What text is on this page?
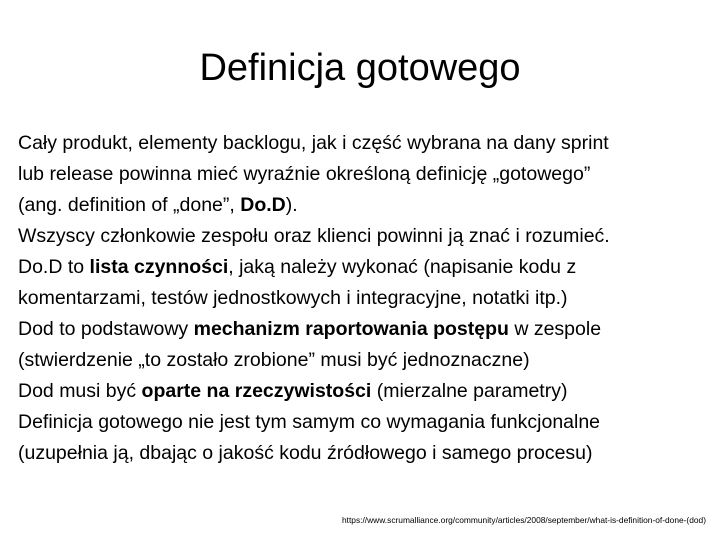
Definicja gotowego

Cały produkt, elementy backlogu, jak i część wybrana na dany sprint

lub release powinna mieć wyraźnie określoną definicję „gotowego”

(ang. definition of „done”, Do.D).

Wszyscy członkowie zespołu oraz klienci powinni ją znać i rozumieć.

Do.D to lista czynności, jaką należy wykonać (napisanie kodu z

komentarzami, testów jednostkowych i integracyjne, notatki itp.)

Dod to podstawowy mechanizm raportowania postępu w zespole

(stwierdzenie „to zostało zrobione” musi być jednoznaczne)

Dod musi być oparte na rzeczywistości (mierzalne parametry)

Definicja gotowego nie jest tym samym co wymagania funkcjonalne

(uzupełnia ją, dbając o jakość kodu źródłowego i samego procesu)

https://www.scrumalliance.org/community/articles/2008/september/what-is-definition-of-done-(dod)
